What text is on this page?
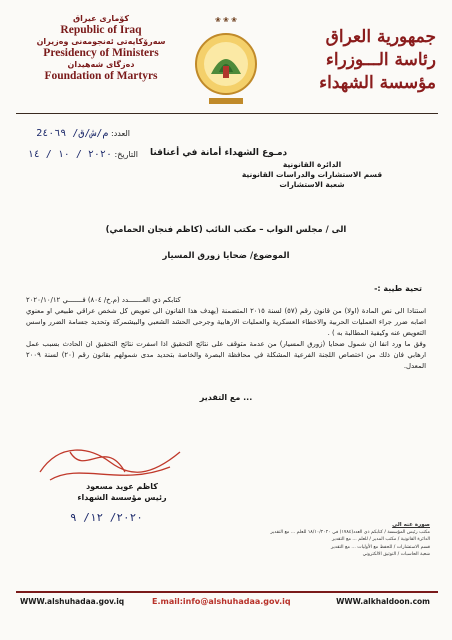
کۆماری عیراق
Republic of Iraq
سەرۆکایەتی ئەنجومەنی وەزیران
Presidency of Ministers
دەزگای شەهیدان
Foundation of Martyrs
❀ ❀ ❀
جمهورية العراق
رئاسة الـــوزراء
مؤسسة الشهداء
العدد: م/ش/ق/ 2٤٠٦٩
التاريخ: ٢٠٢٠ / ١٠ / ١٤	دمـوع الشهداء أمانة في أعناقنا
الدائرة القانونية
قسم الاستشارات والدراسات القانونية
شعبة الاستشارات
الى / مجلس النواب – مكتب النائب (كاظم فنجان الحمامي)
الموضوع/ ضحايا زورق المسيار
تحية طيبة :-
كتابكم ذي العـــــــدد (م.خ/ ٨٠٤) فـــــــي ٢٠٢٠/١٠/١٢
استنادا الى نص المادة (اولا) من قانون رقم (٥٧) لسنة ٢٠١٥ المتضمنة (يهدف هذا القانون الى تعويض كل شخص عراقي طبيعي او معنوي اصابه ضرر جراء العمليات الحربية والاخطاء العسكرية والعمليات الارهابية وجرحى الحشد الشعبي والبيشمركة وتحديد جسامة الضرر واسس التعويض عنه وكيفية المطالبة به ) .
وفق ما ورد انفا ان شمول ضحايا (زورق المسيار) من عدمة متوقف على نتائج التحقيق اذا اسفرت نتائج التحقيق ان الحادث بسبب عمل ارهابي فان ذلك من اختصاص اللجنة الفرعية المشكلة في محافظة البصرة والخاصة بتحديد مدى شمولهم بقانون رقم (٢٠) لسنة ٢٠٠٩ المعدل.
... مع التقدير
كاظم عويد مسعود
رئيس مؤسسة الشهداء
٢٠٢٠/ ١٢/ ٩
صورة عنه الى
مكتب رئيس المؤسسة / كتابكم ذي العدد(١٧٨٤) في ١٨/١٠/٢٠٢٠ للعلم ... مع التقدير
الدائرة القانونية / مكتب المدير / للعلم ... مع التقدير
قسم الاستشارات / للحفظ مع الأوليات ... مع التقدير
شعبة الحاسبات / التوثيق الالكتروني
WWW.alshuhadaa.gov.iq	E.mail:info@alshuhadaa.gov.iq	WWW.alkhaldoon.com
